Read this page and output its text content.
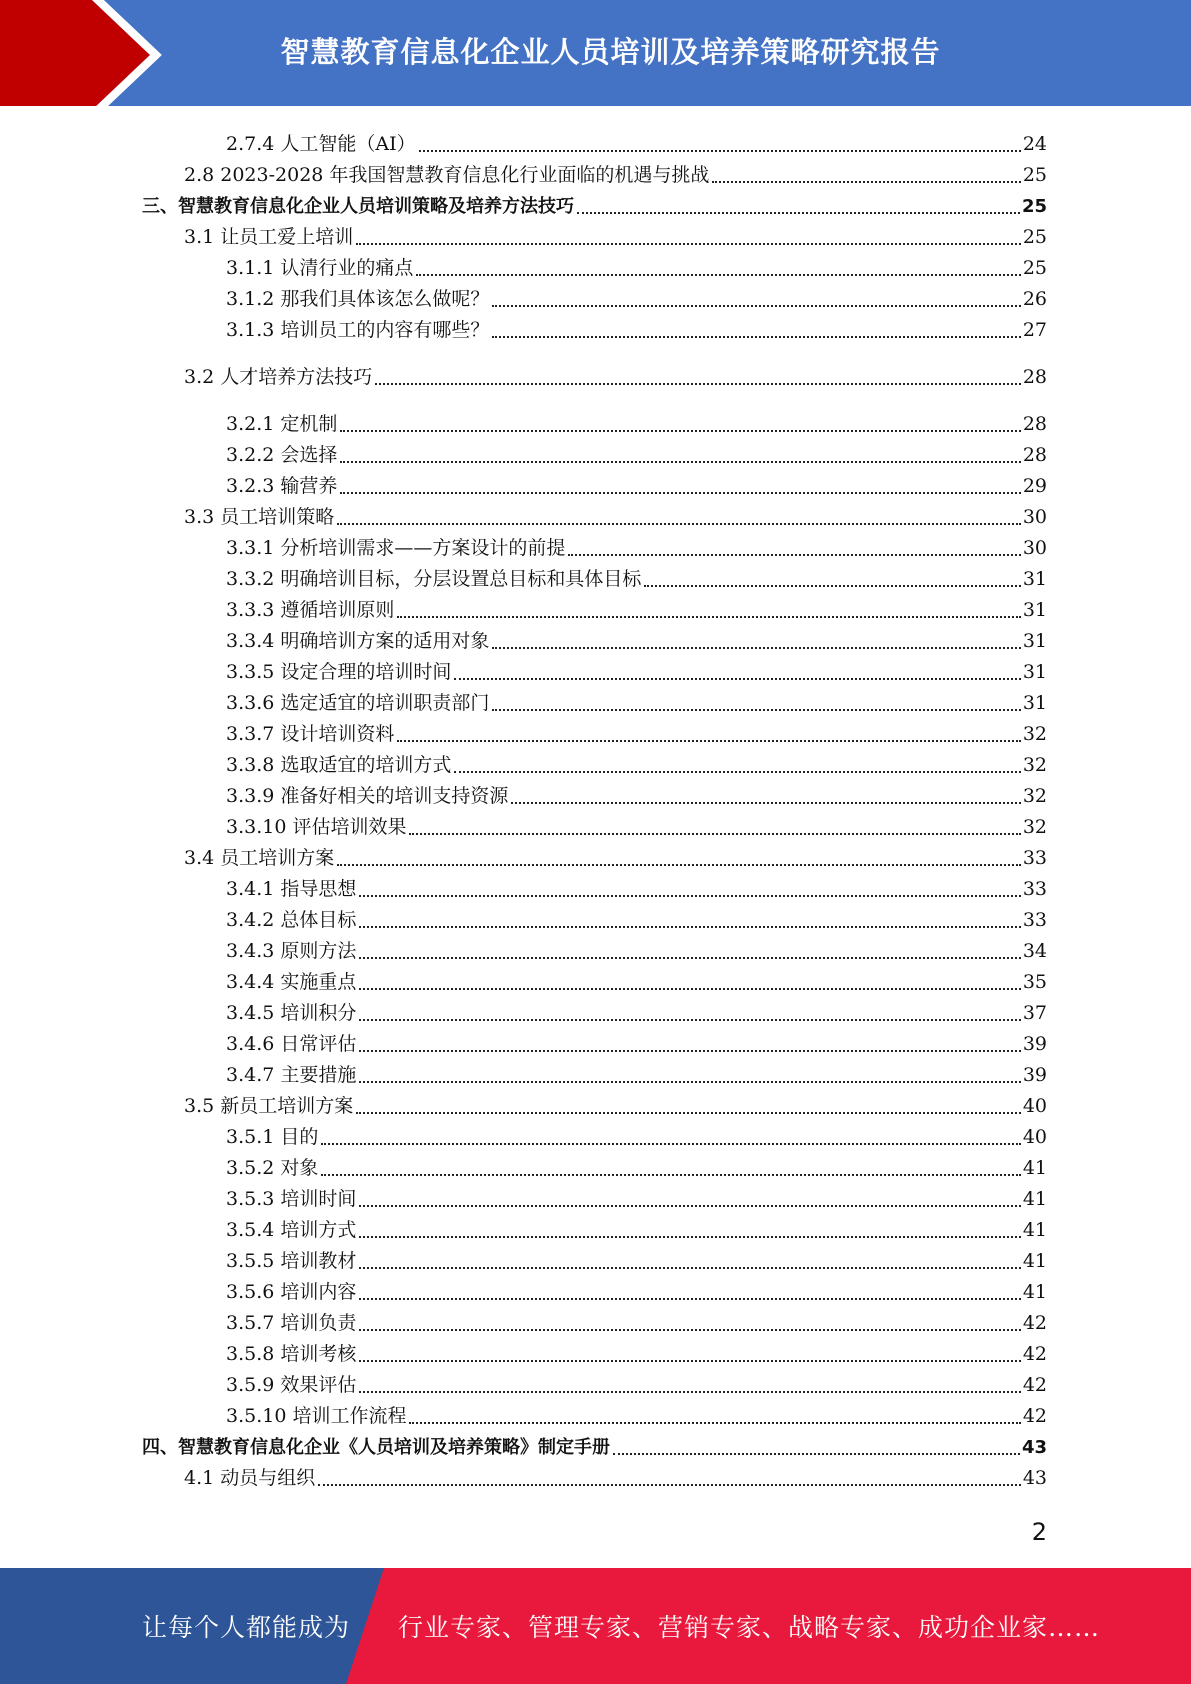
智慧教育信息化企业人员培训及培养策略研究报告
2.7.4 人工智能（AI）	24
2.8 2023-2028 年我国智慧教育信息化行业面临的机遇与挑战	25
三、智慧教育信息化企业人员培训策略及培养方法技巧	25
3.1 让员工爱上培训	25
3.1.1 认清行业的痛点	25
3.1.2 那我们具体该怎么做呢？	26
3.1.3 培训员工的内容有哪些？	27
3.2 人才培养方法技巧	28
3.2.1 定机制	28
3.2.2 会选择	28
3.2.3 输营养	29
3.3 员工培训策略	30
3.3.1 分析培训需求——方案设计的前提	30
3.3.2 明确培训目标，分层设置总目标和具体目标	31
3.3.3 遵循培训原则	31
3.3.4 明确培训方案的适用对象	31
3.3.5 设定合理的培训时间	31
3.3.6 选定适宜的培训职责部门	31
3.3.7 设计培训资料	32
3.3.8 选取适宜的培训方式	32
3.3.9 准备好相关的培训支持资源	32
3.3.10 评估培训效果	32
3.4 员工培训方案	33
3.4.1 指导思想	33
3.4.2 总体目标	33
3.4.3 原则方法	34
3.4.4 实施重点	35
3.4.5 培训积分	37
3.4.6 日常评估	39
3.4.7 主要措施	39
3.5 新员工培训方案	40
3.5.1 目的	40
3.5.2 对象	41
3.5.3 培训时间	41
3.5.4 培训方式	41
3.5.5 培训教材	41
3.5.6 培训内容	41
3.5.7 培训负责	42
3.5.8 培训考核	42
3.5.9 效果评估	42
3.5.10 培训工作流程	42
四、智慧教育信息化企业《人员培训及培养策略》制定手册	43
4.1 动员与组织	43
2
让每个人都能成为 行业专家、管理专家、营销专家、战略专家、成功企业家……
